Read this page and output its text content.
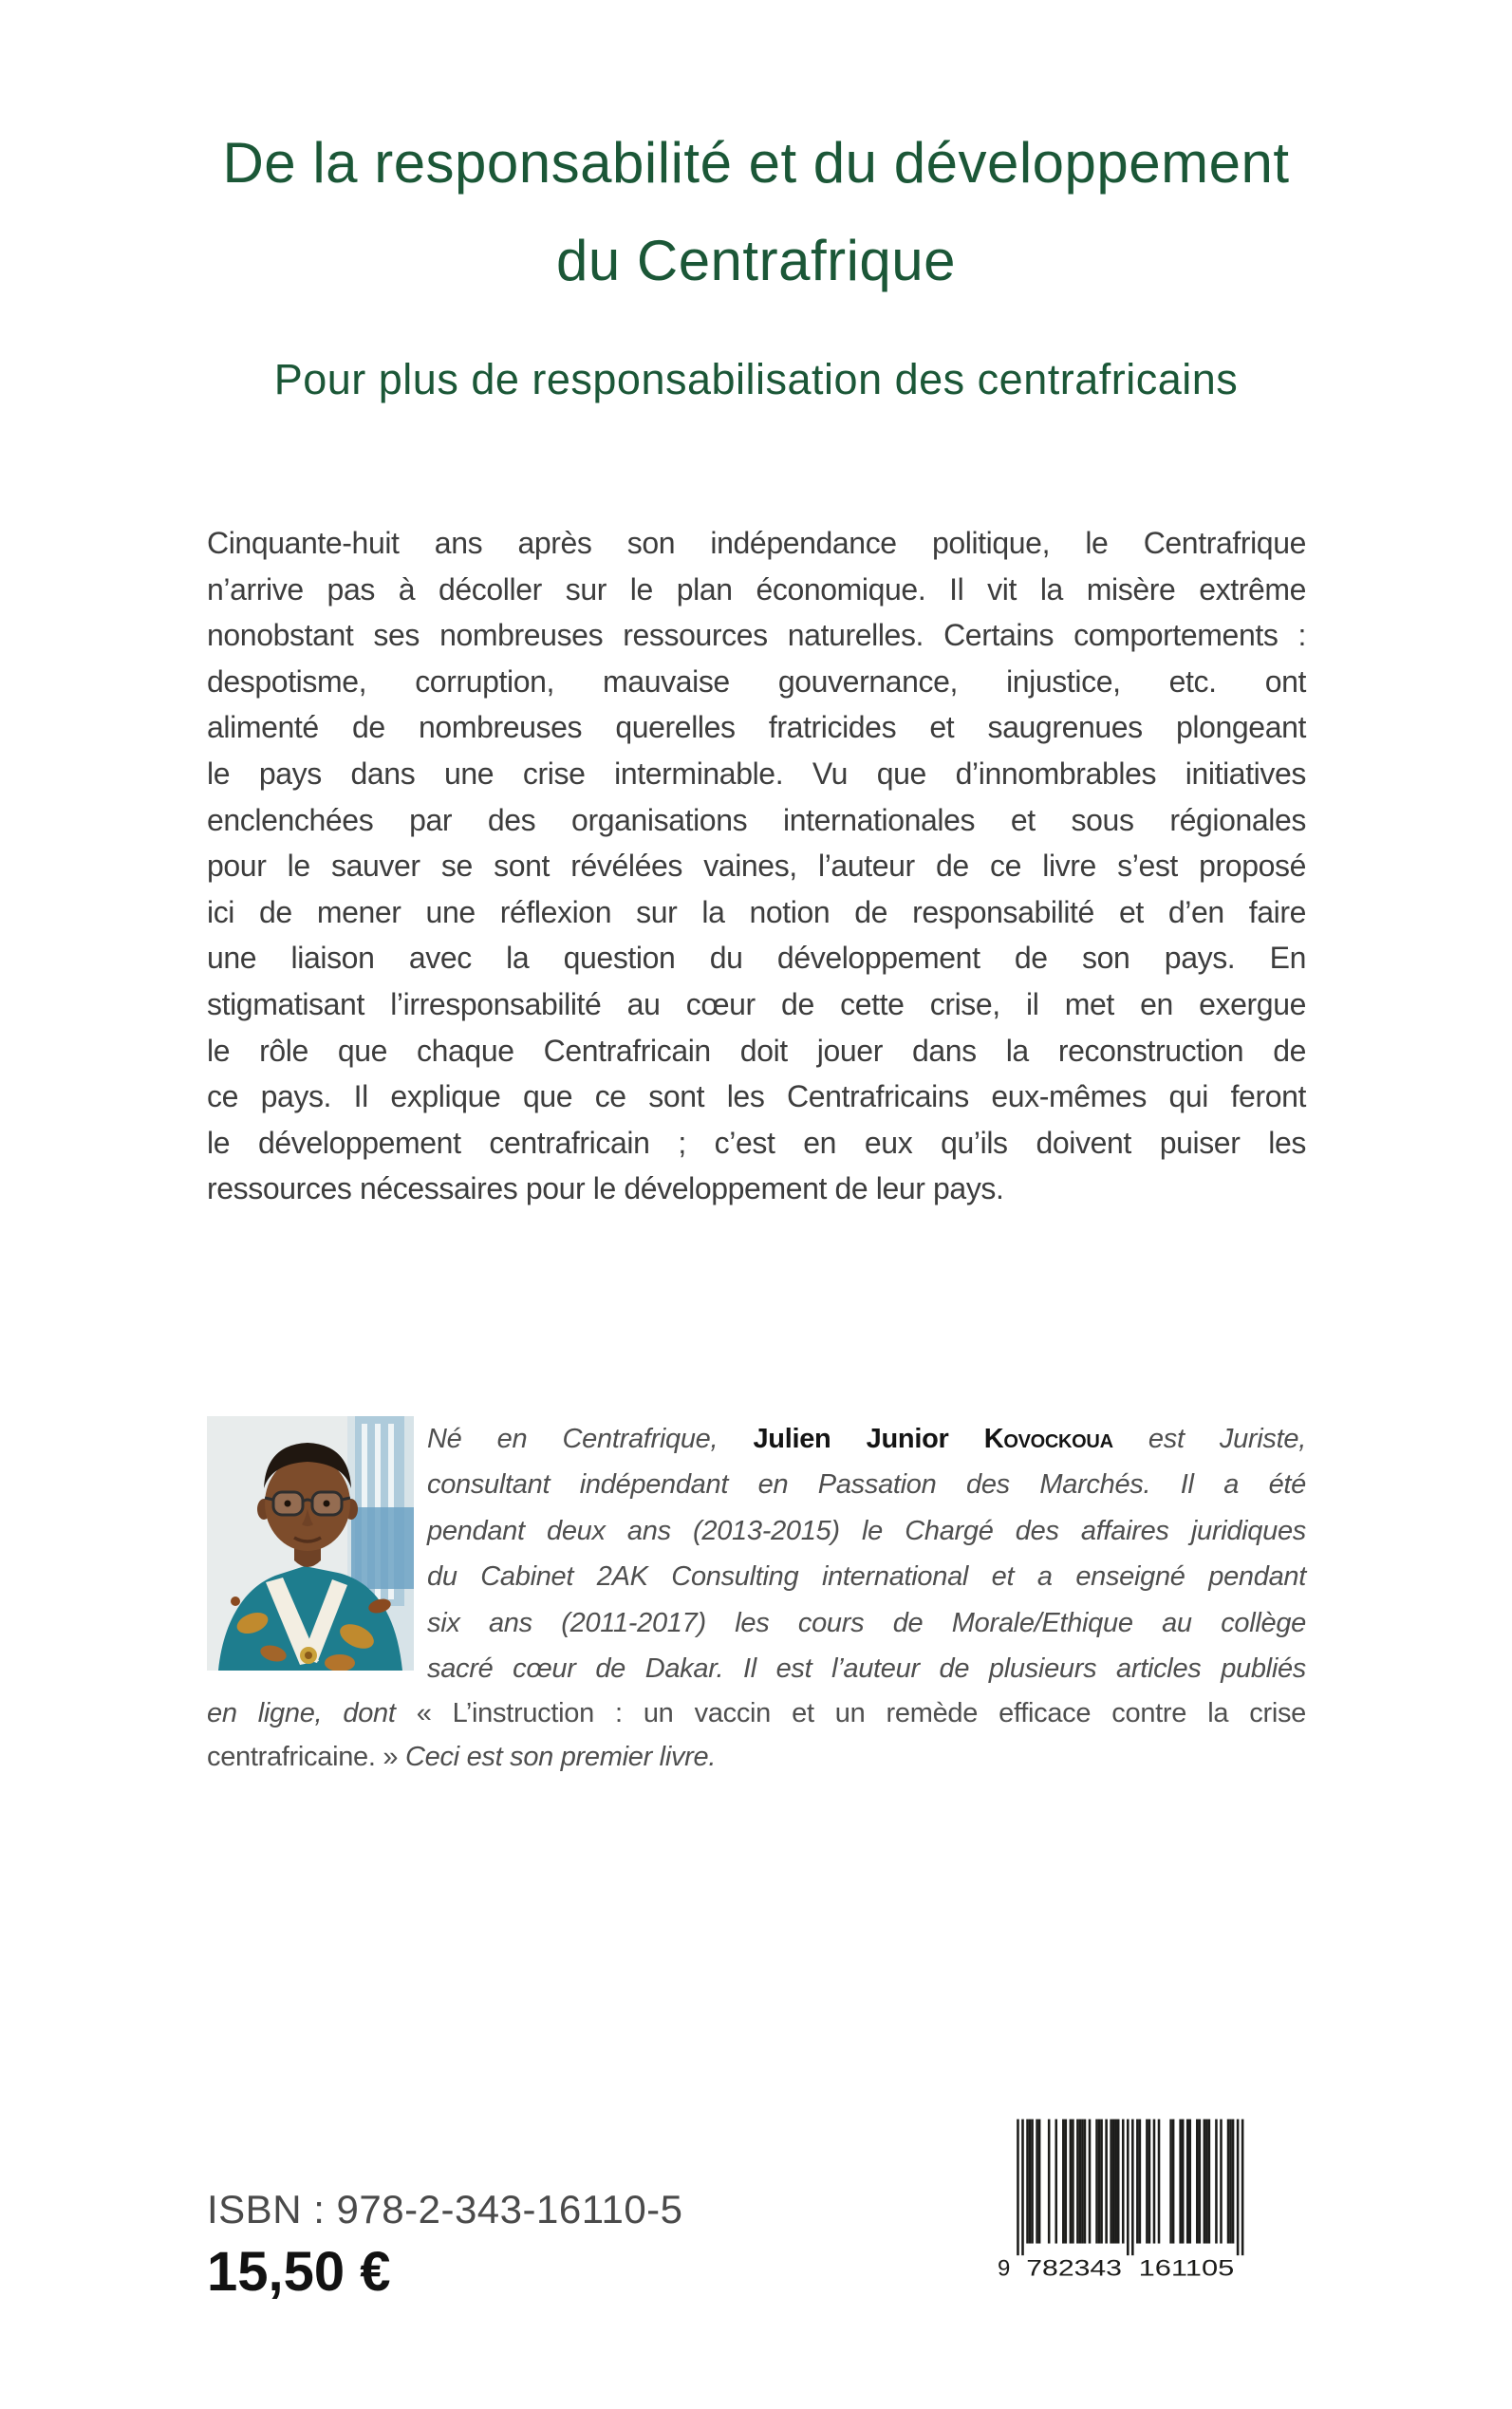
De la responsabilité et du développement
du Centrafrique
Pour plus de responsabilisation des centrafricains
Cinquante-huit ans après son indépendance politique, le Centrafrique
n’arrive pas à décoller sur le plan économique. Il vit la misère extrême
nonobstant ses nombreuses ressources naturelles. Certains comportements :
despotisme, corruption, mauvaise gouvernance, injustice, etc. ont
alimenté de nombreuses querelles fratricides et saugrenues plongeant
le pays dans une crise interminable. Vu que d’innombrables initiatives
enclenchées par des organisations internationales et sous régionales
pour le sauver se sont révélées vaines, l’auteur de ce livre s’est proposé
ici de mener une réflexion sur la notion de responsabilité et d’en faire
une liaison avec la question du développement de son pays. En
stigmatisant l’irresponsabilité au cœur de cette crise, il met en exergue
le rôle que chaque Centrafricain doit jouer dans la reconstruction de
ce pays. Il explique que ce sont les Centrafricains eux-mêmes qui feront
le développement centrafricain ; c’est en eux qu’ils doivent puiser les
ressources nécessaires pour le développement de leur pays.
Né en Centrafrique, Julien Junior Kovockoua est Juriste,
consultant indépendant en Passation des Marchés. Il a été
pendant deux ans (2013-2015) le Chargé des affaires juridiques
du Cabinet 2AK Consulting international et a enseigné pendant
six ans (2011-2017) les cours de Morale/Ethique au collège
sacré cœur de Dakar. Il est l’auteur de plusieurs articles publiés
en ligne, dont « L’instruction : un vaccin et un remède efficace contre la crise
centrafricaine. » Ceci est son premier livre.
ISBN : 978-2-343-16110-5
15,50 €	9 782343 161105
